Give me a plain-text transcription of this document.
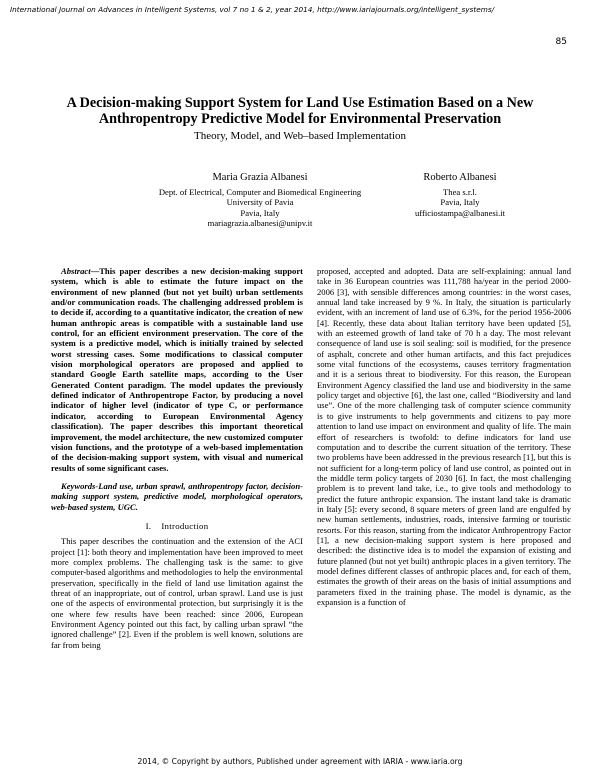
International Journal on Advances in Intelligent Systems, vol 7 no 1 & 2, year 2014, http://www.iariajournals.org/intelligent_systems/
85
A Decision-making Support System for Land Use Estimation Based on a New Anthropentropy Predictive Model for Environmental Preservation
Theory, Model, and Web–based Implementation
Maria Grazia Albanesi
Dept. of Electrical, Computer and Biomedical Engineering
University of Pavia
Pavia, Italy
mariagrazia.albanesi@unipv.it
Roberto Albanesi
Thea s.r.l.
Pavia, Italy
ufficiostampa@albanesi.it

Abstract—This paper describes a new decision-making support system, which is able to estimate the future impact on the environment of new planned (but not yet built) urban settlements and/or communication roads. The challenging addressed problem is to decide if, according to a quantitative indicator, the creation of new human anthropic areas is compatible with a sustainable land use control, for an efficient environment preservation. The core of the system is a predictive model, which is initially trained by selected worst stressing cases. Some modifications to classical computer vision morphological operators are proposed and applied to standard Google Earth satellite maps, according to the User Generated Content paradigm. The model updates the previously defined indicator of Anthropentrope Factor, by producing a novel indicator of higher level (indicator of type C, or performance indicator, according to European Environmental Agency classification). The paper describes this important theoretical improvement, the model architecture, the new customized computer vision functions, and the prototype of a web-based implementation of the decision-making support system, with visual and numerical results of some significant cases.

Keywords-Land use, urban sprawl, anthropentropy factor, decision-making support system, predictive model, morphological operators, web-based system, UGC.

I. Introduction

This paper describes the continuation and the extension of the ACI project [1]: both theory and implementation have been improved to meet more complex problems. The challenging task is the same: to give computer-based algorithms and methodologies to help the environmental preservation, specifically in the field of land use limitation against the threat of an inappropriate, out of control, urban sprawl. Land use is just one of the aspects of environmental protection, but surprisingly it is the one where few results have been reached: since 2006, European Environment Agency pointed out this fact, by calling urban sprawl “the ignored challenge” [2]. Even if the problem is well known, solutions are far from being

proposed, accepted and adopted. Data are self-explaining: annual land take in 36 European countries was 111,788 ha/year in the period 2000-2006 [3], with sensible differences among countries: in the worst cases, annual land take increased by 9 %. In Italy, the situation is particularly evident, with an increment of land use of 6.3%, for the period 1956-2006 [4]. Recently, these data about Italian territory have been updated [5], with an esteemed growth of land take of 70 h a day. The most relevant consequence of land use is soil sealing: soil is modified, for the presence of asphalt, concrete and other human artifacts, and this fact prejudices some vital functions of the ecosystems, causes territory fragmentation and it is a serious threat to biodiversity. For this reason, the European Environment Agency classified the land use and biodiversity in the same policy target and objective [6], the last one, called “Biodiversity and land use”. One of the more challenging task of computer science community is to give instruments to help governments and citizens to pay more attention to land use impact on environment and quality of life. The main effort of researchers is twofold: to define indicators for land use computation and to describe the current situation of the territory. These two problems have been addressed in the previous research [1], but this is not sufficient for a long-term policy of land use control, as pointed out in the middle term policy targets of 2030 [6]. In fact, the most challenging problem is to prevent land take, i.e., to give tools and methodology to predict the future anthropic expansion. The instant land take is dramatic in Italy [5]: every second, 8 square meters of green land are engulfed by new human settlements, industries, roads, intensive farming or touristic resorts. For this reason, starting from the indicator Anthropentropy Factor [1], a new decision-making support system is here proposed and described: the distinctive idea is to model the expansion of existing and future planned (but not yet built) anthropic places in a given territory. The model defines different classes of anthropic places and, for each of them, estimates the growth of their areas on the basis of initial assumptions and parameters fixed in the training phase. The model is dynamic, as the expansion is a function of

2014, © Copyright by authors, Published under agreement with IARIA - www.iaria.org
